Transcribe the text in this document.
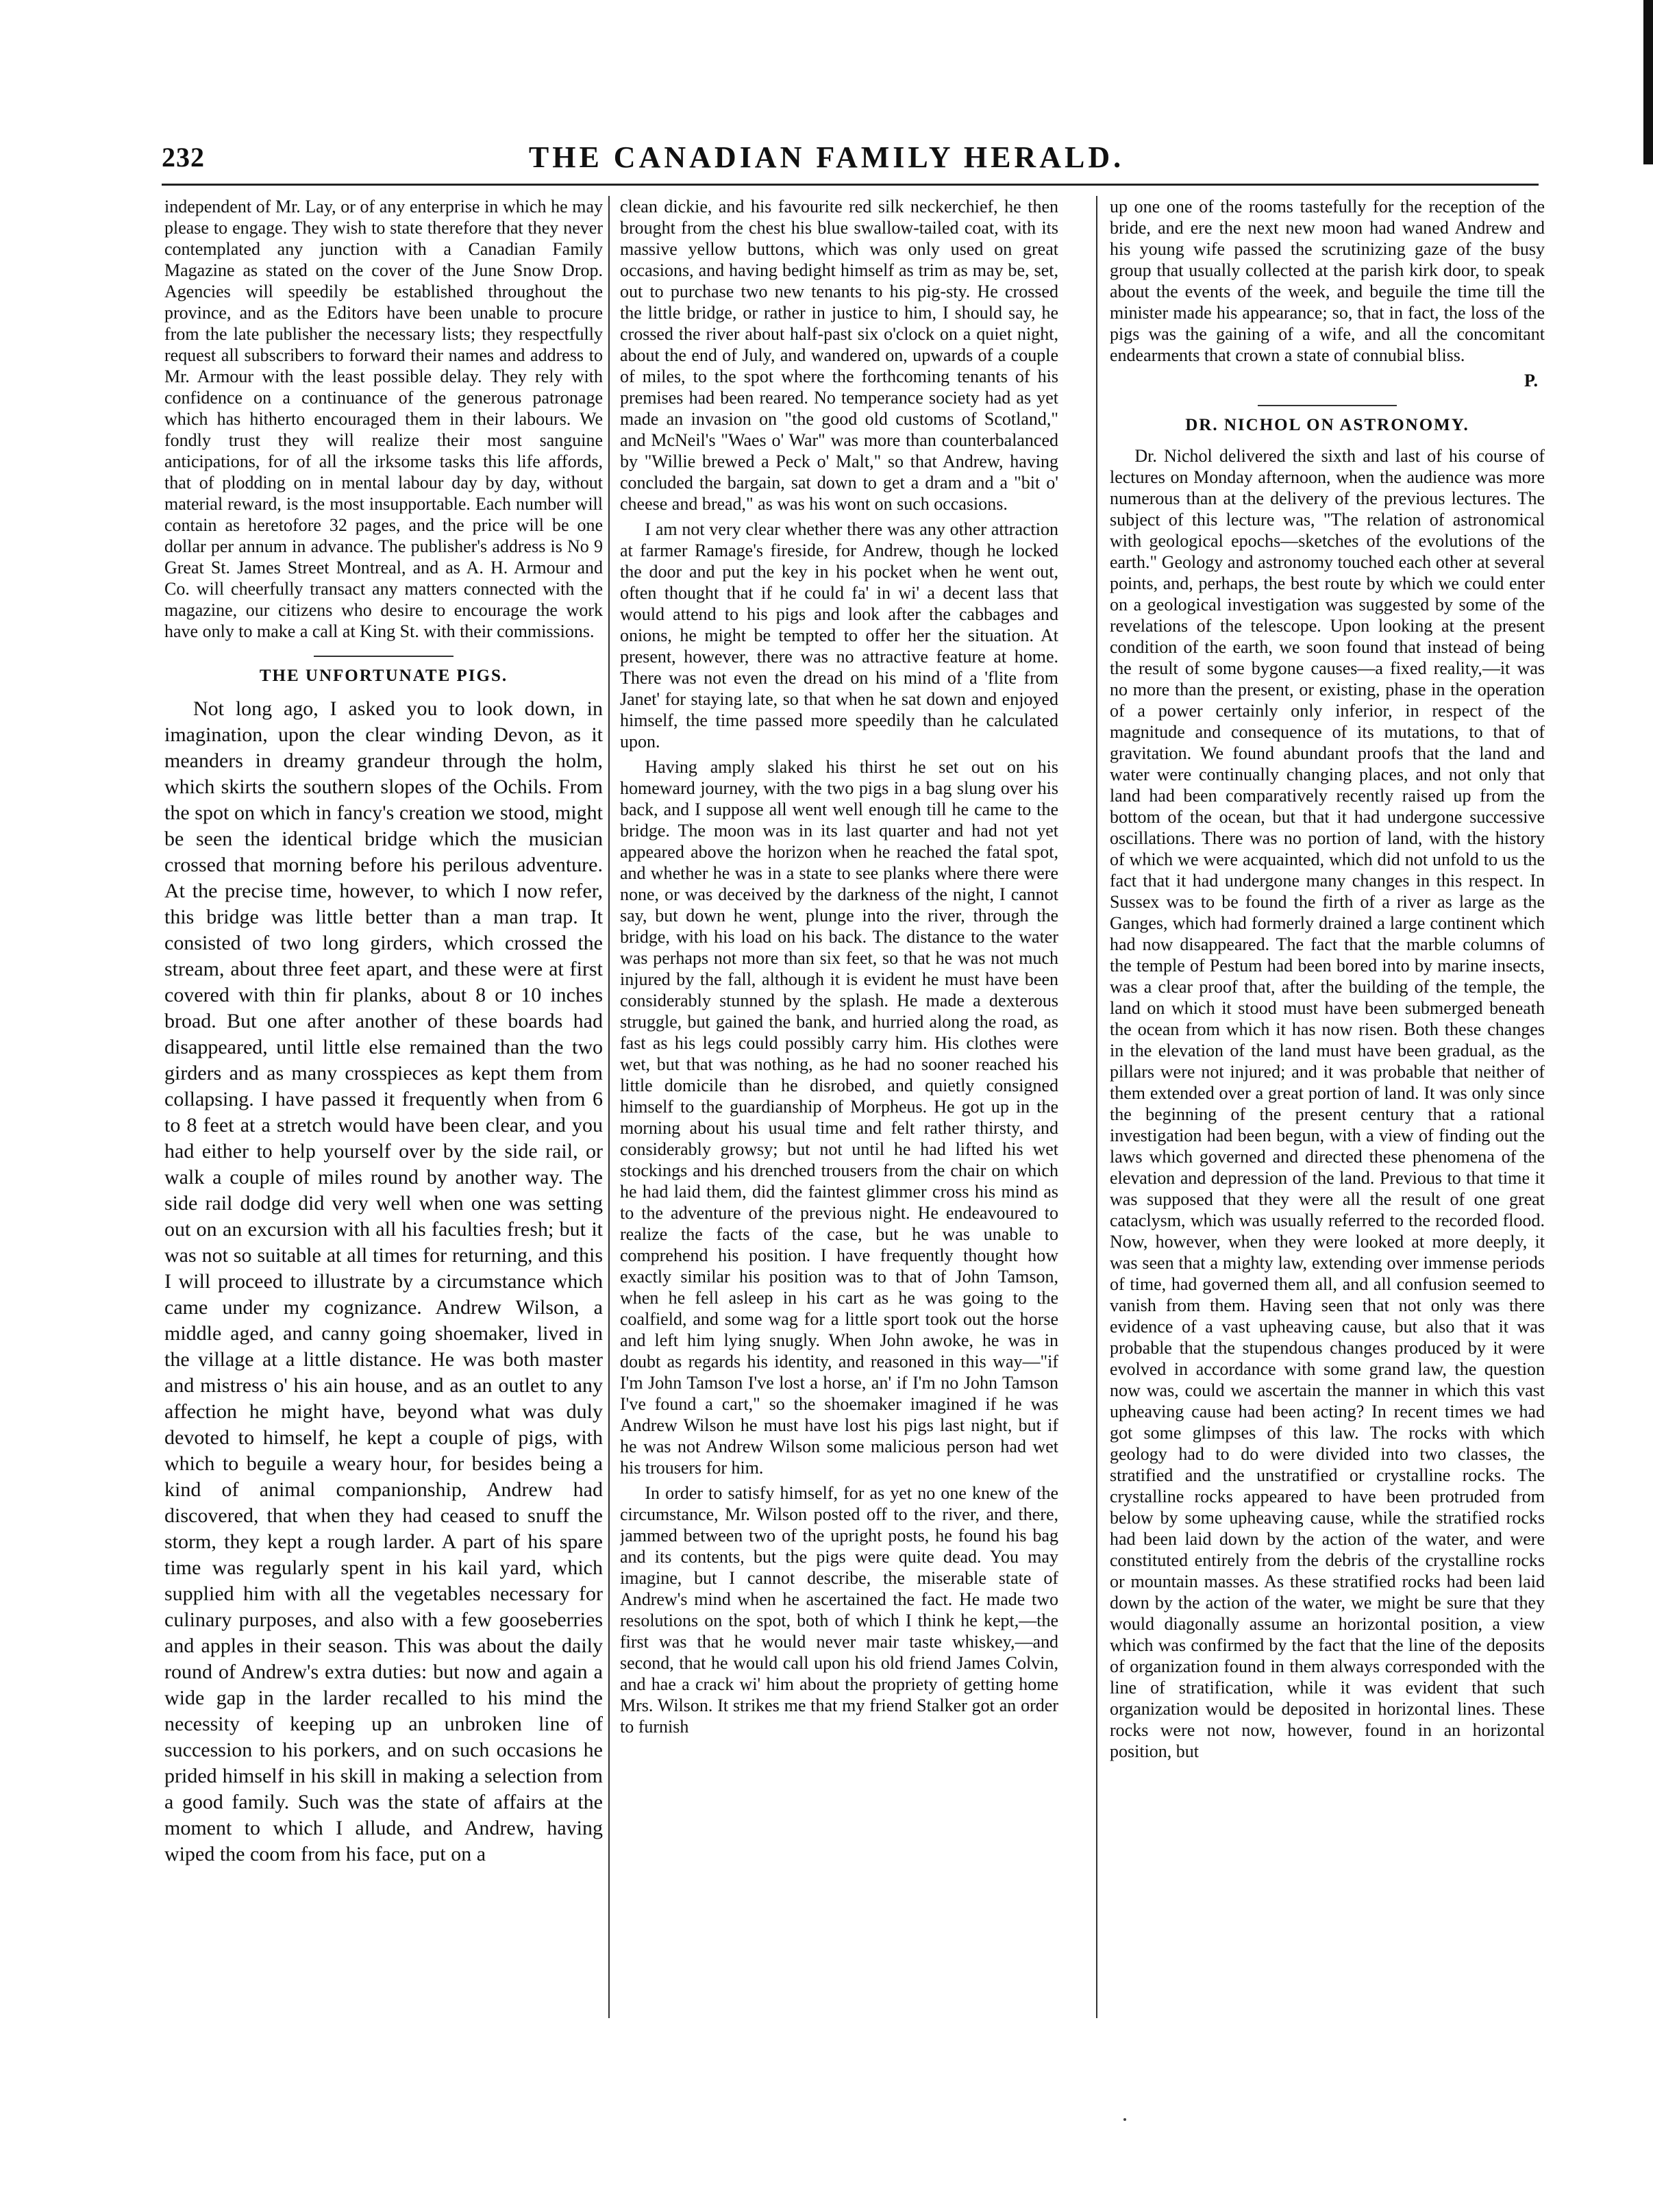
232	THE CANADIAN FAMILY HERALD.

independent of Mr. Lay, or of any enterprise in which he may please to engage. They wish to state therefore that they never contemplated any junction with a Canadian Family Magazine as stated on the cover of the June Snow Drop. Agencies will speedily be established throughout the province, and as the Editors have been unable to procure from the late publisher the necessary lists; they respectfully request all subscribers to forward their names and address to Mr. Armour with the least possible delay. They rely with confidence on a continuance of the generous patronage which has hitherto encouraged them in their labours. We fondly trust they will realize their most sanguine anticipations, for of all the irksome tasks this life affords, that of plodding on in mental labour day by day, without material reward, is the most insupportable. Each number will contain as heretofore 32 pages, and the price will be one dollar per annum in advance. The publisher's address is No 9 Great St. James Street Montreal, and as A. H. Armour and Co. will cheerfully transact any matters connected with the magazine, our citizens who desire to encourage the work have only to make a call at King St. with their commissions.

THE UNFORTUNATE PIGS.

Not long ago, I asked you to look down, in imagination, upon the clear winding Devon, as it meanders in dreamy grandeur through the holm, which skirts the southern slopes of the Ochils. From the spot on which in fancy's creation we stood, might be seen the identical bridge which the musician crossed that morning before his perilous adventure. At the precise time, however, to which I now refer, this bridge was little better than a man trap. It consisted of two long girders, which crossed the stream, about three feet apart, and these were at first covered with thin fir planks, about 8 or 10 inches broad. But one after another of these boards had disappeared, until little else remained than the two girders and as many crosspieces as kept them from collapsing. I have passed it frequently when from 6 to 8 feet at a stretch would have been clear, and you had either to help yourself over by the side rail, or walk a couple of miles round by another way. The side rail dodge did very well when one was setting out on an excursion with all his faculties fresh; but it was not so suitable at all times for returning, and this I will proceed to illustrate by a circumstance which came under my cognizance. Andrew Wilson, a middle aged, and canny going shoemaker, lived in the village at a little distance. He was both master and mistress o' his ain house, and as an outlet to any affection he might have, beyond what was duly devoted to himself, he kept a couple of pigs, with which to beguile a weary hour, for besides being a kind of animal companionship, Andrew had discovered, that when they had ceased to snuff the storm, they kept a rough larder. A part of his spare time was regularly spent in his kail yard, which supplied him with all the vegetables necessary for culinary purposes, and also with a few gooseberries and apples in their season. This was about the daily round of Andrew's extra duties: but now and again a wide gap in the larder recalled to his mind the necessity of keeping up an unbroken line of succession to his porkers, and on such occasions he prided himself in his skill in making a selection from a good family. Such was the state of affairs at the moment to which I allude, and Andrew, having wiped the coom from his face, put on a

clean dickie, and his favourite red silk neckerchief, he then brought from the chest his blue swallow-tailed coat, with its massive yellow buttons, which was only used on great occasions, and having bedight himself as trim as may be, set, out to purchase two new tenants to his pig-sty. He crossed the little bridge, or rather in justice to him, I should say, he crossed the river about half-past six o'clock on a quiet night, about the end of July, and wandered on, upwards of a couple of miles, to the spot where the forthcoming tenants of his premises had been reared. No temperance society had as yet made an invasion on "the good old customs of Scotland," and McNeil's "Waes o' War" was more than counterbalanced by "Willie brewed a Peck o' Malt," so that Andrew, having concluded the bargain, sat down to get a dram and a "bit o' cheese and bread," as was his wont on such occasions.

I am not very clear whether there was any other attraction at farmer Ramage's fireside, for Andrew, though he locked the door and put the key in his pocket when he went out, often thought that if he could fa' in wi' a decent lass that would attend to his pigs and look after the cabbages and onions, he might be tempted to offer her the situation. At present, however, there was no attractive feature at home. There was not even the dread on his mind of a 'flite from Janet' for staying late, so that when he sat down and enjoyed himself, the time passed more speedily than he calculated upon.

Having amply slaked his thirst he set out on his homeward journey, with the two pigs in a bag slung over his back, and I suppose all went well enough till he came to the bridge. The moon was in its last quarter and had not yet appeared above the horizon when he reached the fatal spot, and whether he was in a state to see planks where there were none, or was deceived by the darkness of the night, I cannot say, but down he went, plunge into the river, through the bridge, with his load on his back. The distance to the water was perhaps not more than six feet, so that he was not much injured by the fall, although it is evident he must have been considerably stunned by the splash. He made a dexterous struggle, but gained the bank, and hurried along the road, as fast as his legs could possibly carry him. His clothes were wet, but that was nothing, as he had no sooner reached his little domicile than he disrobed, and quietly consigned himself to the guardianship of Morpheus. He got up in the morning about his usual time and felt rather thirsty, and considerably growsy; but not until he had lifted his wet stockings and his drenched trousers from the chair on which he had laid them, did the faintest glimmer cross his mind as to the adventure of the previous night. He endeavoured to realize the facts of the case, but he was unable to comprehend his position. I have frequently thought how exactly similar his position was to that of John Tamson, when he fell asleep in his cart as he was going to the coalfield, and some wag for a little sport took out the horse and left him lying snugly. When John awoke, he was in doubt as regards his identity, and reasoned in this way—"if I'm John Tamson I've lost a horse, an' if I'm no John Tamson I've found a cart," so the shoemaker imagined if he was Andrew Wilson he must have lost his pigs last night, but if he was not Andrew Wilson some malicious person had wet his trousers for him.

In order to satisfy himself, for as yet no one knew of the circumstance, Mr. Wilson posted off to the river, and there, jammed between two of the upright posts, he found his bag and its contents, but the pigs were quite dead. You may imagine, but I cannot describe, the miserable state of Andrew's mind when he ascertained the fact. He made two resolutions on the spot, both of which I think he kept,—the first was that he would never mair taste whiskey,—and second, that he would call upon his old friend James Colvin, and hae a crack wi' him about the propriety of getting home Mrs. Wilson. It strikes me that my friend Stalker got an order to furnish

up one one of the rooms tastefully for the reception of the bride, and ere the next new moon had waned Andrew and his young wife passed the scrutinizing gaze of the busy group that usually collected at the parish kirk door, to speak about the events of the week, and beguile the time till the minister made his appearance; so, that in fact, the loss of the pigs was the gaining of a wife, and all the concomitant endearments that crown a state of connubial bliss.

P.
DR. NICHOL ON ASTRONOMY.

Dr. Nichol delivered the sixth and last of his course of lectures on Monday afternoon, when the audience was more numerous than at the delivery of the previous lectures. The subject of this lecture was, "The relation of astronomical with geological epochs—sketches of the evolutions of the earth." Geology and astronomy touched each other at several points, and, perhaps, the best route by which we could enter on a geological investigation was suggested by some of the revelations of the telescope. Upon looking at the present condition of the earth, we soon found that instead of being the result of some bygone causes—a fixed reality,—it was no more than the present, or existing, phase in the operation of a power certainly only inferior, in respect of the magnitude and consequence of its mutations, to that of gravitation. We found abundant proofs that the land and water were continually changing places, and not only that land had been comparatively recently raised up from the bottom of the ocean, but that it had undergone successive oscillations. There was no portion of land, with the history of which we were acquainted, which did not unfold to us the fact that it had undergone many changes in this respect. In Sussex was to be found the firth of a river as large as the Ganges, which had formerly drained a large continent which had now disappeared. The fact that the marble columns of the temple of Pestum had been bored into by marine insects, was a clear proof that, after the building of the temple, the land on which it stood must have been submerged beneath the ocean from which it has now risen. Both these changes in the elevation of the land must have been gradual, as the pillars were not injured; and it was probable that neither of them extended over a great portion of land. It was only since the beginning of the present century that a rational investigation had been begun, with a view of finding out the laws which governed and directed these phenomena of the elevation and depression of the land. Previous to that time it was supposed that they were all the result of one great cataclysm, which was usually referred to the recorded flood. Now, however, when they were looked at more deeply, it was seen that a mighty law, extending over immense periods of time, had governed them all, and all confusion seemed to vanish from them. Having seen that not only was there evidence of a vast upheaving cause, but also that it was probable that the stupendous changes produced by it were evolved in accordance with some grand law, the question now was, could we ascertain the manner in which this vast upheaving cause had been acting? In recent times we had got some glimpses of this law. The rocks with which geology had to do were divided into two classes, the stratified and the unstratified or crystalline rocks. The crystalline rocks appeared to have been protruded from below by some upheaving cause, while the stratified rocks had been laid down by the action of the water, and were constituted entirely from the debris of the crystalline rocks or mountain masses. As these stratified rocks had been laid down by the action of the water, we might be sure that they would diagonally assume an horizontal position, a view which was confirmed by the fact that the line of the deposits of organization found in them always corresponded with the line of stratification, while it was evident that such organization would be deposited in horizontal lines. These rocks were not now, however, found in an horizontal position, but
